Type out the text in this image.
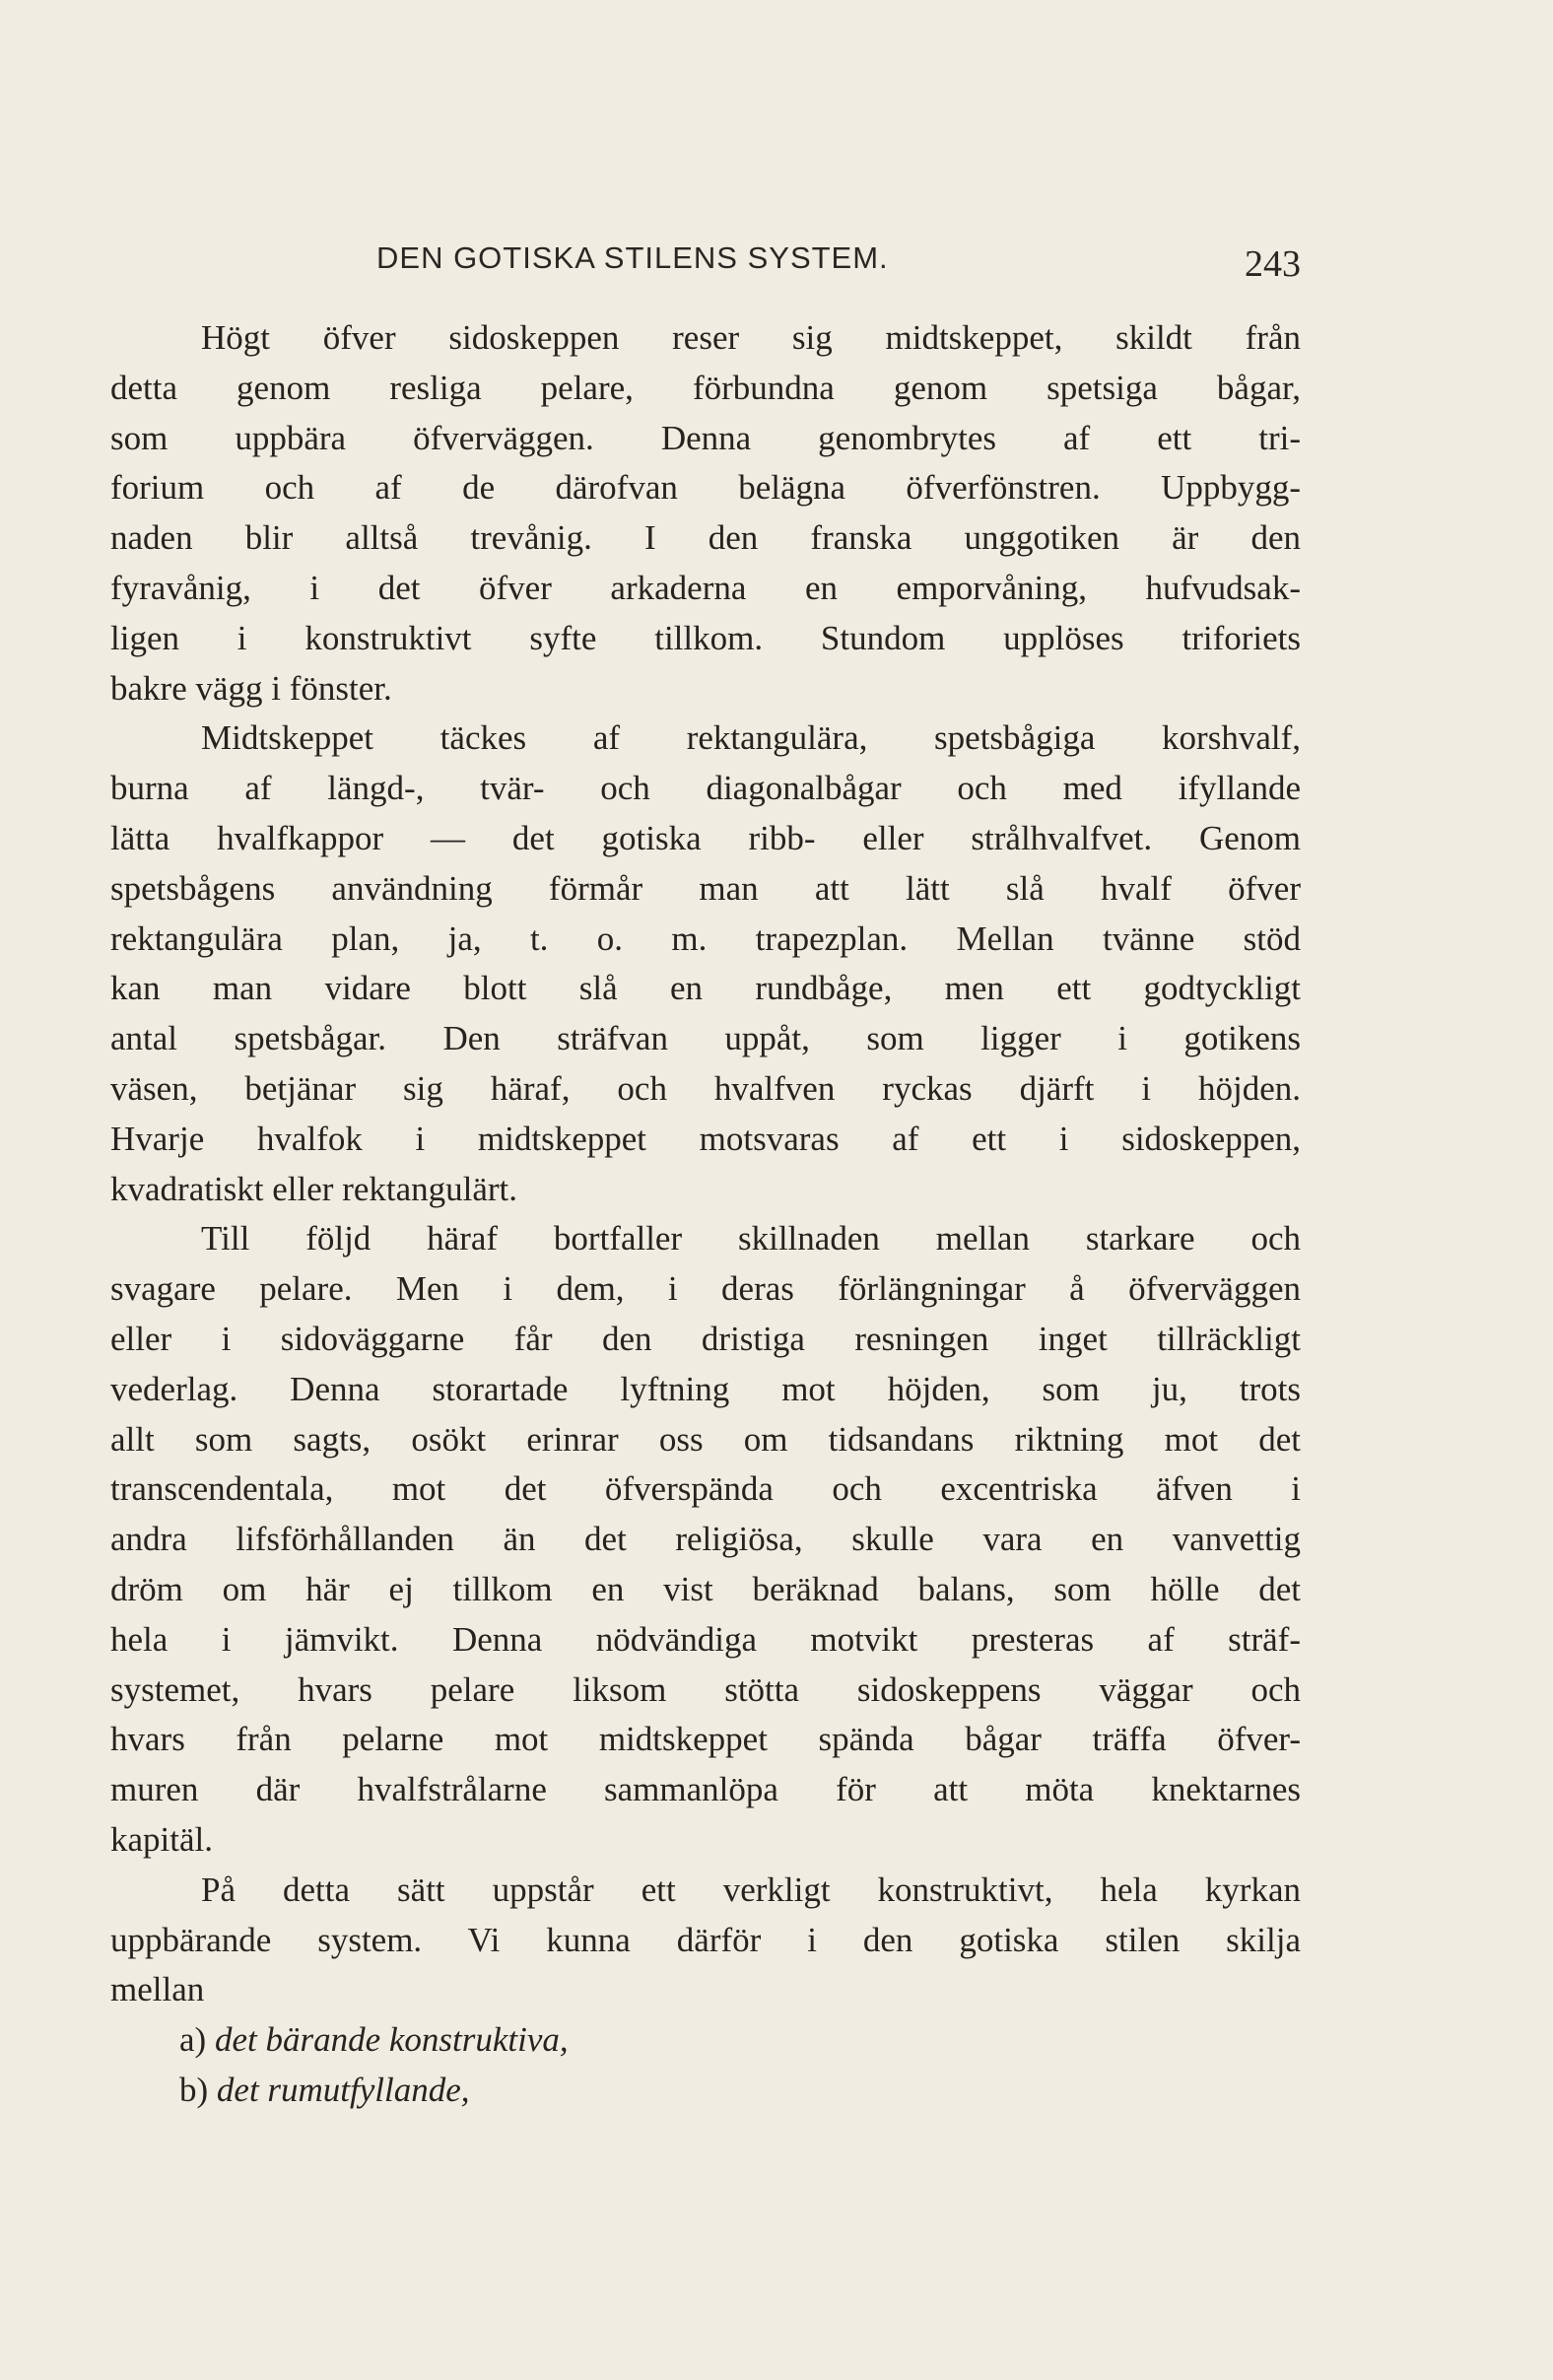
DEN GOTISKA STILENS SYSTEM.	243
Högt öfver sidoskeppen reser sig midtskeppet, skildt från
detta genom resliga pelare, förbundna genom spetsiga bågar,
som uppbära öfverväggen. Denna genombrytes af ett tri-
forium och af de därofvan belägna öfverfönstren. Uppbygg-
naden blir alltså trevånig. I den franska unggotiken är den
fyravånig, i det öfver arkaderna en emporvåning, hufvudsak-
ligen i konstruktivt syfte tillkom. Stundom upplöses triforiets
bakre vägg i fönster.
Midtskeppet täckes af rektangulära, spetsbågiga korshvalf,
burna af längd-, tvär- och diagonalbågar och med ifyllande
lätta hvalfkappor — det gotiska ribb- eller strålhvalfvet. Genom
spetsbågens användning förmår man att lätt slå hvalf öfver
rektangulära plan, ja, t. o. m. trapezplan. Mellan tvänne stöd
kan man vidare blott slå en rundbåge, men ett godtyckligt
antal spetsbågar. Den sträfvan uppåt, som ligger i gotikens
väsen, betjänar sig häraf, och hvalfven ryckas djärft i höjden.
Hvarje hvalfok i midtskeppet motsvaras af ett i sidoskeppen,
kvadratiskt eller rektangulärt.
Till följd häraf bortfaller skillnaden mellan starkare och
svagare pelare. Men i dem, i deras förlängningar å öfverväggen
eller i sidoväggarne får den dristiga resningen inget tillräckligt
vederlag. Denna storartade lyftning mot höjden, som ju, trots
allt som sagts, osökt erinrar oss om tidsandans riktning mot det
transcendentala, mot det öfverspända och excentriska äfven i
andra lifsförhållanden än det religiösa, skulle vara en vanvettig
dröm om här ej tillkom en vist beräknad balans, som hölle det
hela i jämvikt. Denna nödvändiga motvikt presteras af sträf-
systemet, hvars pelare liksom stötta sidoskeppens väggar och
hvars från pelarne mot midtskeppet spända bågar träffa öfver-
muren där hvalfstrålarne sammanlöpa för att möta knektarnes
kapitäl.
På detta sätt uppstår ett verkligt konstruktivt, hela kyrkan
uppbärande system. Vi kunna därför i den gotiska stilen skilja
mellan
a) det bärande konstruktiva,
b) det rumutfyllande,
